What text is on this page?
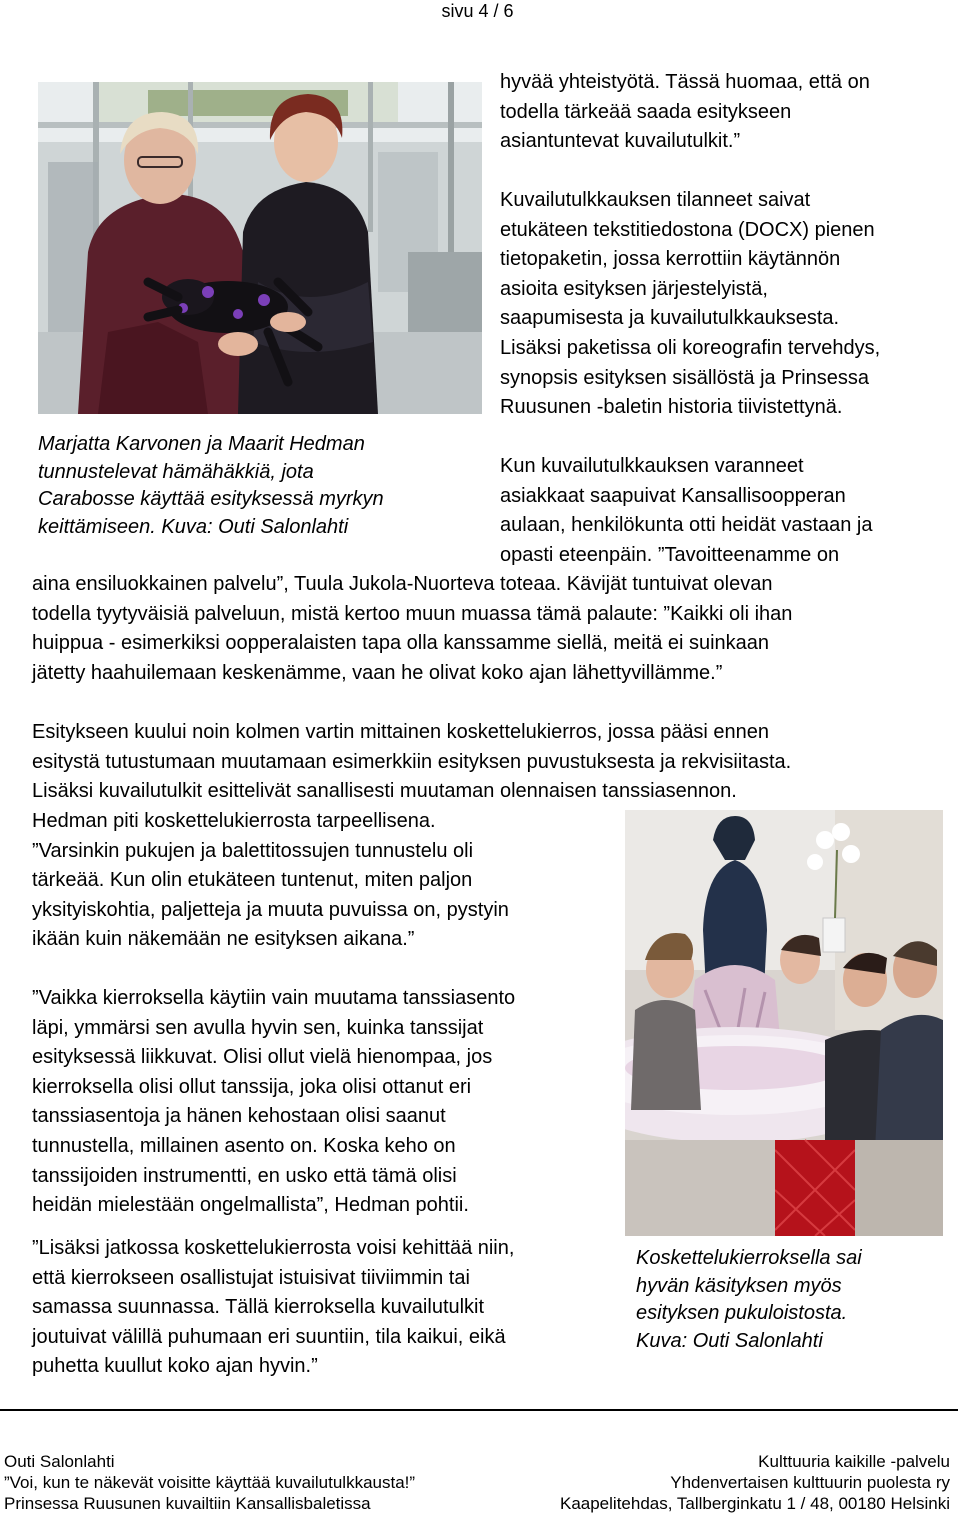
sivu 4 / 6
Marjatta Karvonen ja Maarit Hedman
tunnustelevat hämähäkkiä, jota
Carabosse käyttää esityksessä myrkyn
keittämiseen. Kuva: Outi Salonlahti
hyvää yhteistyötä. Tässä huomaa, että on
todella tärkeää saada esitykseen
asiantuntevat kuvailutulkit.”
Kuvailutulkkauksen tilanneet saivat
etukäteen tekstitiedostona (DOCX) pienen
tietopaketin, jossa kerrottiin käytännön
asioita esityksen järjestelyistä,
saapumisesta ja kuvailutulkkauksesta.
Lisäksi paketissa oli koreografin tervehdys,
synopsis esityksen sisällöstä ja Prinsessa
Ruusunen -baletin historia tiivistettynä.
Kun kuvailutulkkauksen varanneet
asiakkaat saapuivat Kansallisoopperan
aulaan, henkilökunta otti heidät vastaan ja
opasti eteenpäin. ”Tavoitteenamme on
aina ensiluokkainen palvelu”, Tuula Jukola-Nuorteva toteaa. Kävijät tuntuivat olevan
todella tyytyväisiä palveluun, mistä kertoo muun muassa tämä palaute: ”Kaikki oli ihan
huippua - esimerkiksi oopperalaisten tapa olla kanssamme siellä, meitä ei suinkaan
jätetty haahuilemaan keskenämme, vaan he olivat koko ajan lähettyvillämme.”
Esitykseen kuului noin kolmen vartin mittainen koskettelukierros, jossa pääsi ennen
esitystä tutustumaan muutamaan esimerkkiin esityksen puvustuksesta ja rekvisiitasta.
Lisäksi kuvailutulkit esittelivät sanallisesti muutaman olennaisen tanssiasennon.
Hedman piti koskettelukierrosta tarpeellisena.
”Varsinkin pukujen ja balettitossujen tunnustelu oli
tärkeää. Kun olin etukäteen tuntenut, miten paljon
yksityiskohtia, paljetteja ja muuta puvuissa on, pystyin
ikään kuin näkemään ne esityksen aikana.”
”Vaikka kierroksella käytiin vain muutama tanssiasento
läpi, ymmärsi sen avulla hyvin sen, kuinka tanssijat
esityksessä liikkuvat. Olisi ollut vielä hienompaa, jos
kierroksella olisi ollut tanssija, joka olisi ottanut eri
tanssiasentoja ja hänen kehostaan olisi saanut
tunnustella, millainen asento on. Koska keho on
tanssijoiden instrumentti, en usko että tämä olisi
heidän mielestään ongelmallista”, Hedman pohtii.
”Lisäksi jatkossa koskettelukierrosta voisi kehittää niin,
että kierrokseen osallistujat istuisivat tiiviimmin tai
samassa suunnassa. Tällä kierroksella kuvailutulkit
joutuivat välillä puhumaan eri suuntiin, tila kaikui, eikä
puhetta kuullut koko ajan hyvin.”
Koskettelukierroksella sai
hyvän käsityksen myös
esityksen pukuloistosta.
Kuva: Outi Salonlahti
Outi Salonlahti
”Voi, kun te näkevät voisitte käyttää kuvailutulkkausta!”
Prinsessa Ruusunen kuvailtiin Kansallisbaletissa
Kulttuuria kaikille -palvelu
Yhdenvertaisen kulttuurin puolesta ry
Kaapelitehdas, Tallberginkatu 1 / 48, 00180 Helsinki
